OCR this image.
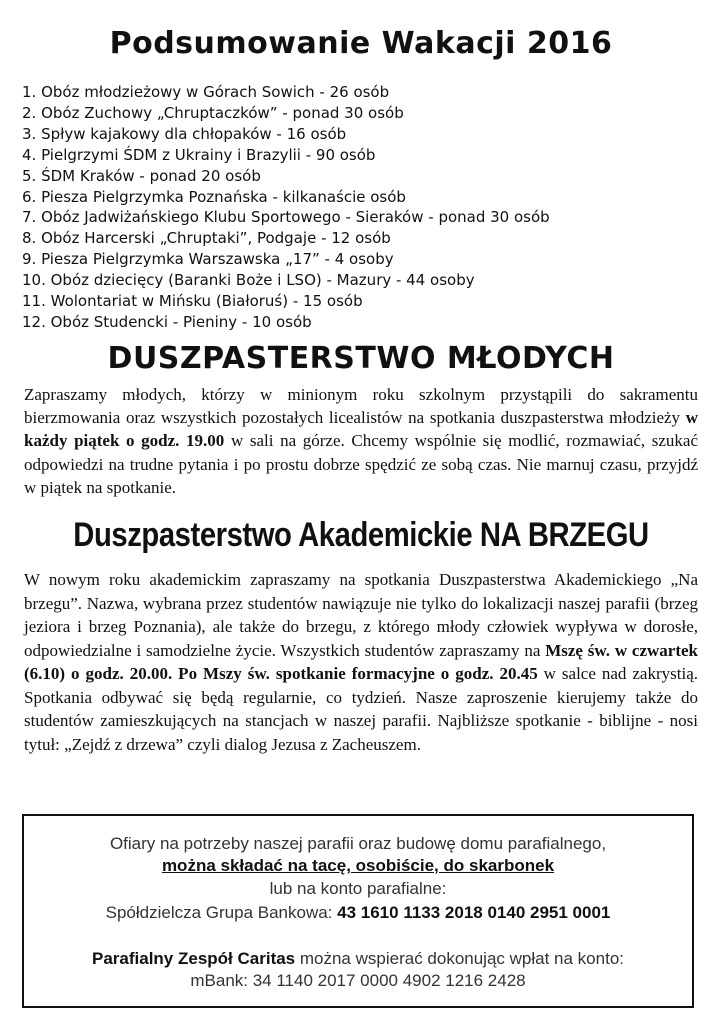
Podsumowanie Wakacji 2016
1. Obóz młodzieżowy w Górach Sowich - 26 osób
2. Obóz Zuchowy „Chruptaczków” - ponad 30 osób
3. Spływ kajakowy dla chłopaków - 16 osób
4. Pielgrzymi ŚDM z Ukrainy i Brazylii - 90 osób
5. ŚDM Kraków - ponad 20 osób
6. Piesza Pielgrzymka Poznańska - kilkanaście osób
7. Obóz Jadwiżańskiego Klubu Sportowego - Sieraków - ponad 30 osób
8. Obóz Harcerski „Chruptaki”, Podgaje - 12 osób
9. Piesza Pielgrzymka Warszawska „17” - 4 osoby
10. Obóz dziecięcy (Baranki Boże i LSO) - Mazury - 44 osoby
11. Wolontariat w Mińsku (Białoruś) - 15 osób
12. Obóz Studencki - Pieniny - 10 osób
DUSZPASTERSTWO MŁODYCH
Zapraszamy młodych, którzy w minionym roku szkolnym przystąpili do sakramentu bierzmowania oraz wszystkich pozostałych licealistów na spotkania duszpasterstwa młodzieży w każdy piątek o godz. 19.00 w sali na górze. Chcemy wspólnie się modlić, rozmawiać, szukać odpowiedzi na trudne pytania i po prostu dobrze spędzić ze sobą czas. Nie marnuj czasu, przyjdź w piątek na spotkanie.
Duszpasterstwo Akademickie NA BRZEGU
W nowym roku akademickim zapraszamy na spotkania Duszpasterstwa Akademickiego „Na brzegu”. Nazwa, wybrana przez studentów nawiązuje nie tylko do lokalizacji naszej parafii (brzeg jeziora i brzeg Poznania), ale także do brzegu, z którego młody człowiek wypływa w dorosłe, odpowiedzialne i samodzielne życie. Wszystkich studentów zapraszamy na Mszę św. w czwartek (6.10) o godz. 20.00. Po Mszy św. spotkanie formacyjne o godz. 20.45 w salce nad zakrystią. Spotkania odbywać się będą regularnie, co tydzień. Nasze zaproszenie kierujemy także do studentów zamieszkujących na stancjach w naszej parafii. Najbliższe spotkanie - biblijne - nosi tytuł: „Zejdź z drzewa” czyli dialog Jezusa z Zacheuszem.
Ofiary na potrzeby naszej parafii oraz budowę domu parafialnego,
można składać na tacę, osobiście, do skarbonek
lub na konto parafialne:
Spółdzielcza Grupa Bankowa: 43 1610 1133 2018 0140 2951 0001
Parafialny Zespół Caritas można wspierać dokonując wpłat na konto:
mBank: 34 1140 2017 0000 4902 1216 2428
